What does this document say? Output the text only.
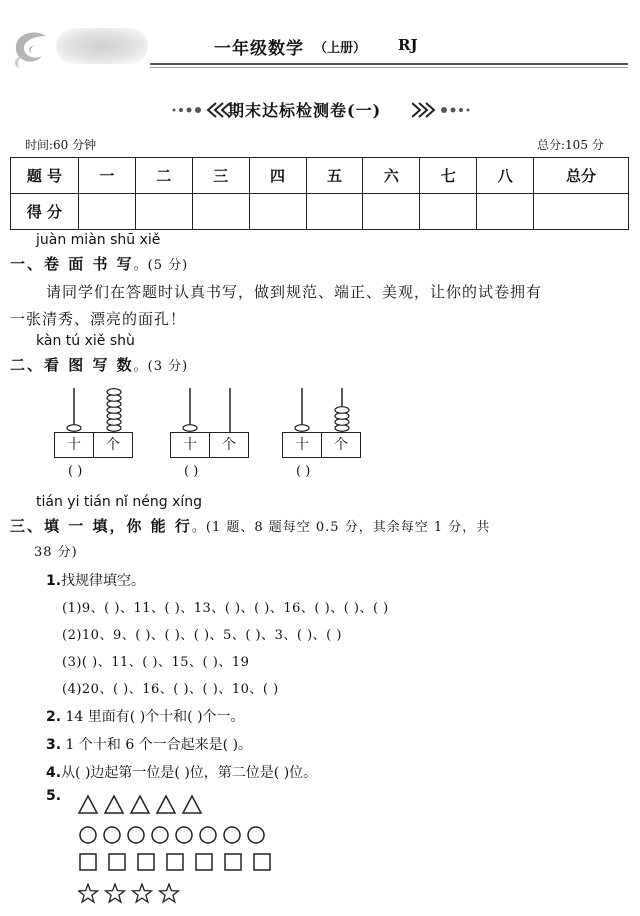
一年级数学 （上册） RJ
期末达标检测卷(一)
时间:60 分钟	总分:105 分
题 号	一	二	三	四	五	六	七	八	总分
得 分									
juàn miàn shū xiě
一、卷 面 书 写。(5 分)
请同学们在答题时认真书写，做到规范、端正、美观，让你的试卷拥有
一张清秀、漂亮的面孔！
kàn tú xiě shù
二、看 图 写 数。(3 分)
十	个
( )
十	个
( )
十	个
( )
tián yi tián nǐ néng xíng
三、填 一 填，你 能 行。(1 题、8 题每空 0.5 分，其余每空 1 分，共
38 分)
1.找规律填空。
(1)9、( )、11、( )、13、( )、( )、16、( )、( )、( )
(2)10、9、( )、( )、( )、5、( )、3、( )、( )
(3)( )、11、( )、15、( )、19
(4)20、( )、16、( )、( )、10、( )
2. 14 里面有( )个十和( )个一。
3. 1 个十和 6 个一合起来是( )。
4.从( )边起第一位是( )位，第二位是( )位。
5.
